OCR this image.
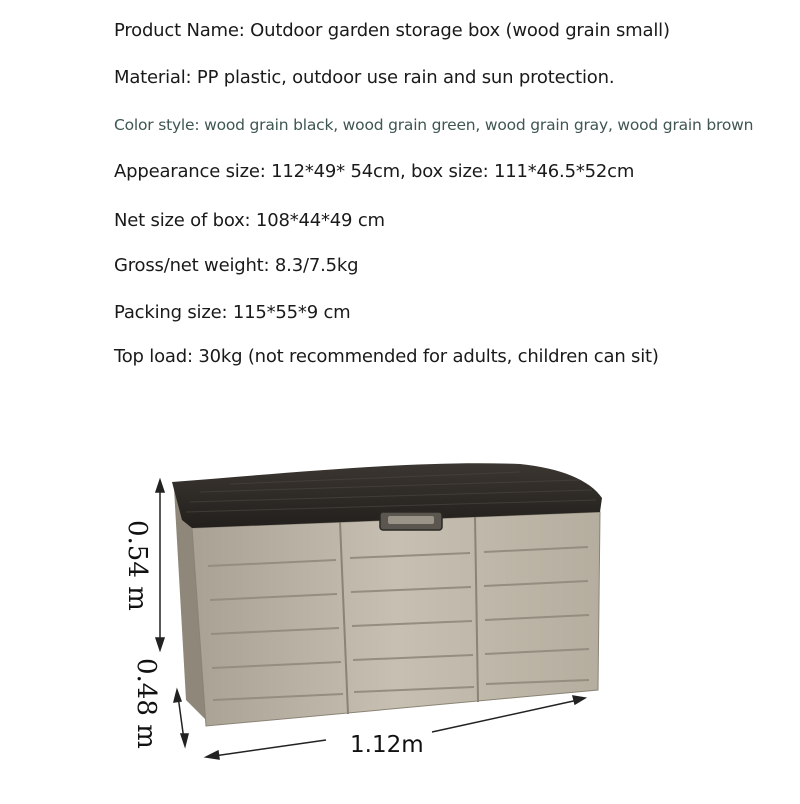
Product Name: Outdoor garden storage box (wood grain small)
Material: PP plastic, outdoor use rain and sun protection.
Color style: wood grain black, wood grain green, wood grain gray, wood grain brown
Appearance size: 112*49* 54cm, box size: 111*46.5*52cm
Net size of box: 108*44*49 cm
Gross/net weight: 8.3/7.5kg
Packing size: 115*55*9 cm
Top load: 30kg (not recommended for adults, children can sit)
0.54 m
0.48 m	1.12m
